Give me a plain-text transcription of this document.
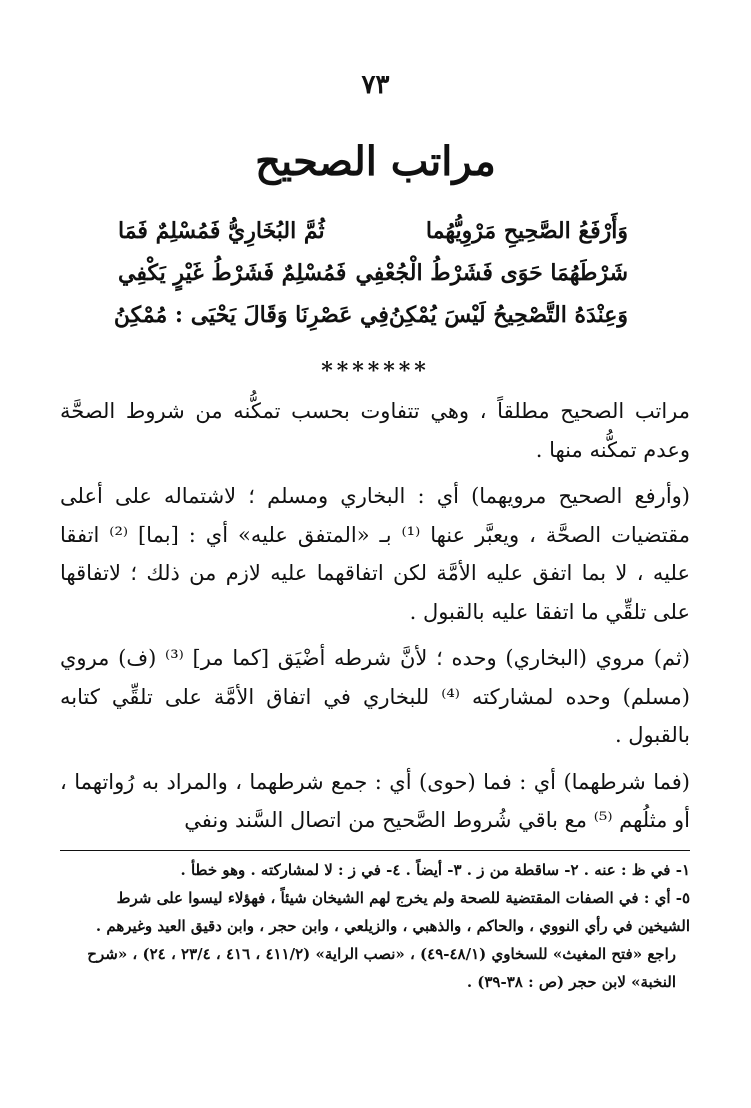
٧٣
مراتب الصحيح
وَأَرْفَعُ الصَّحِيحِ مَرْوِيُّهُما
ثُمَّ البُخَارِيُّ فَمُسْلِمٌ فَمَا
شَرْطَهُمَا حَوَى فَشَرْطُ الْجُعْفِي
فَمُسْلِمٌ فَشَرْطُ غَيْرٍ يَكْفِي
وَعِنْدَهُ التَّصْحِيحُ لَيْسَ يُمْكِنُ
فِي عَصْرِنَا وَقَالَ يَحْيَى : مُمْكِنُ
*******

مراتب الصحيح مطلقاً ، وهي تتفاوت بحسب تمكُّنه من شروط الصحَّة وعدم تمكُّنه منها .

(وأرفع الصحيح مرويهما) أي : البخاري ومسلم ؛ لاشتماله على أعلى مقتضيات الصحَّة ، ويعبَّر عنها ⁽¹⁾ بـ «المتفق عليه» أي : [بما] ⁽²⁾ اتفقا عليه ، لا بما اتفق عليه الأمَّة لكن اتفاقهما عليه لازم من ذلك ؛ لاتفاقها على تلقِّي ما اتفقا عليه بالقبول .

(ثم) مروي (البخاري) وحده ؛ لأنَّ شرطه أضْيَق [كما مر] ⁽³⁾ (ف) مروي (مسلم) وحده لمشاركته ⁽⁴⁾ للبخاري في اتفاق الأمَّة على تلقِّي كتابه بالقبول .

(فما شرطهما) أي : فما (حوى) أي : جمع شرطهما ، والمراد به رُواتهما ، أو مثلُهم ⁽⁵⁾ مع باقي شُروط الصَّحيح من اتصال السَّند ونفي

١- في ظ : عنه . ٢- ساقطة من ز . ٣- أيضاً . ٤- في ز : لا لمشاركته . وهو خطأ .

٥- أي : في الصفات المقتضية للصحة ولم يخرج لهم الشيخان شيئاً ، فهؤلاء ليسوا على شرط الشيخين في رأي النووي ، والحاكم ، والذهبي ، والزيلعي ، وابن حجر ، وابن دقيق العيد وغيرهم .

راجع «فتح المغيث» للسخاوي (٤٨/١-٤٩) ، «نصب الراية» (٤١١/٢ ، ٤١٦ ، ٢٣/٤ ، ٢٤) ، «شرح النخبة» لابن حجر (ص : ٣٨-٣٩) .
